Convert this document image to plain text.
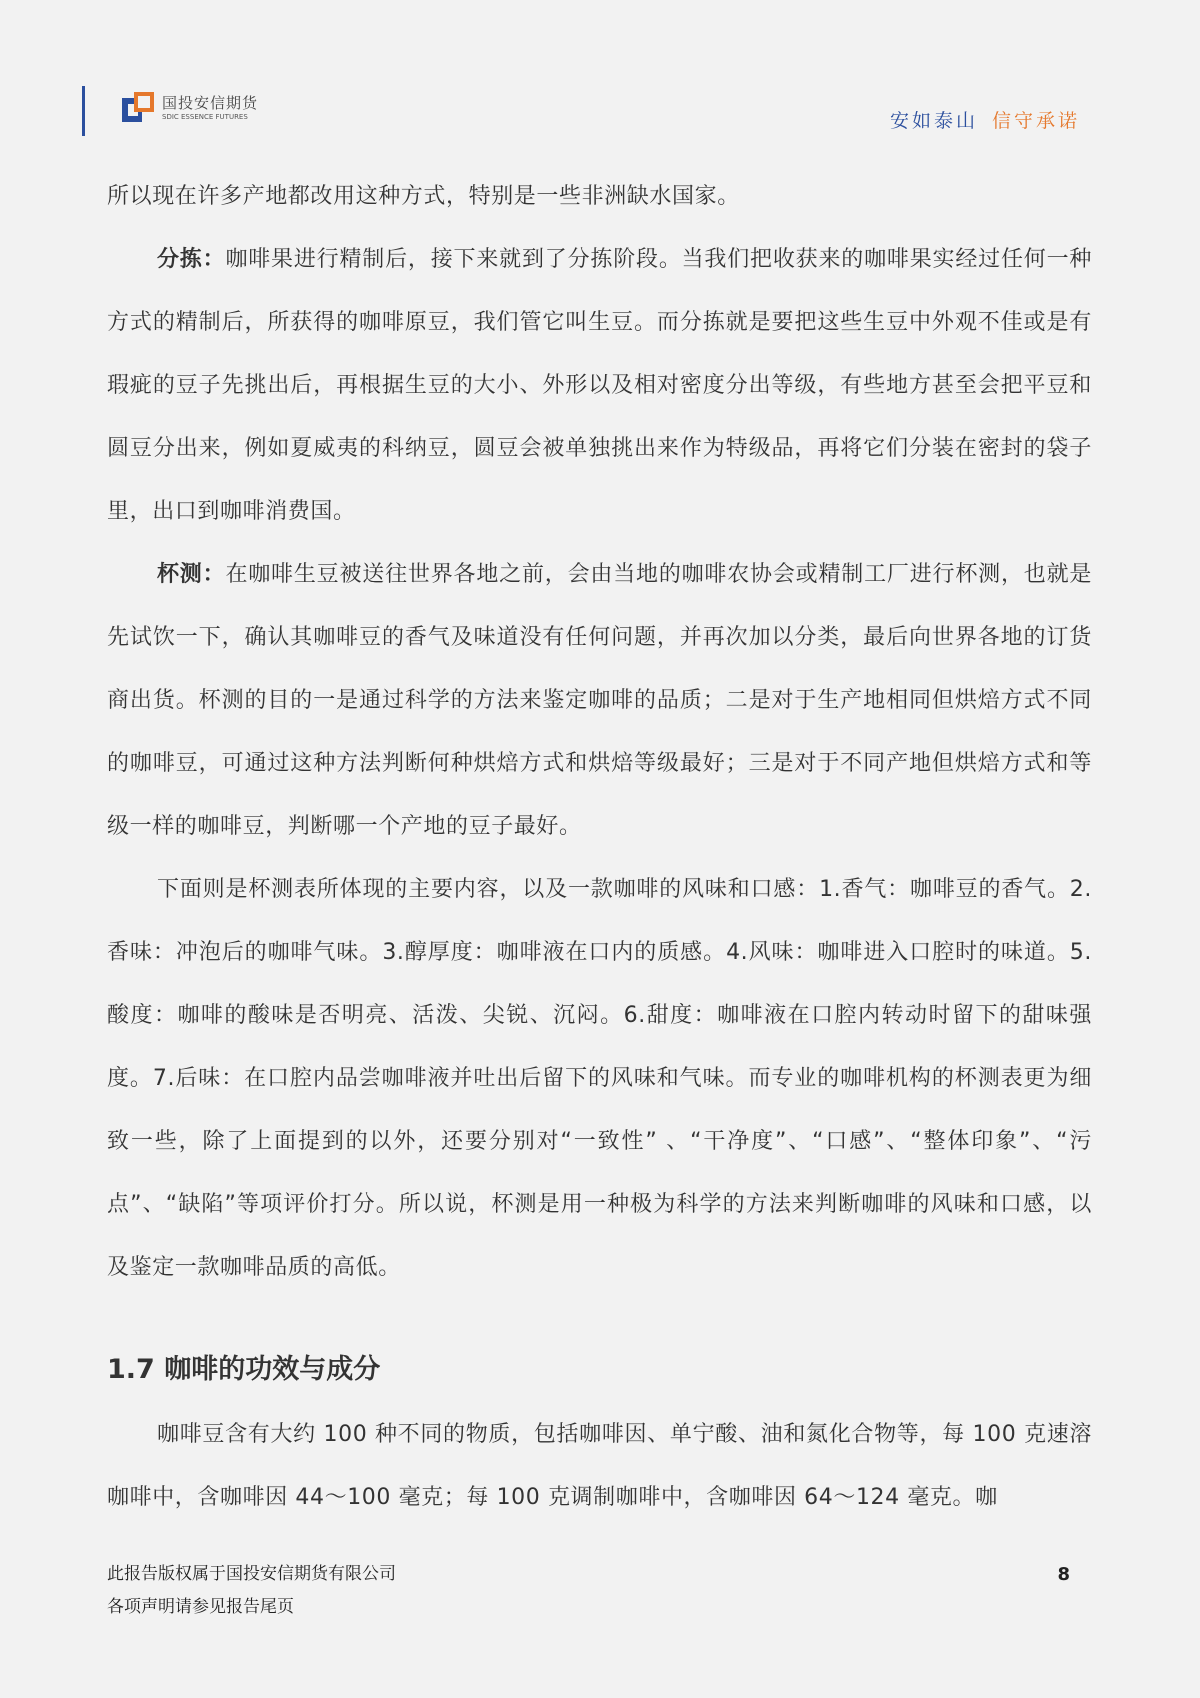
国投安信期货
SDIC ESSENCE FUTURES	安如泰山 信守承诺

所以现在许多产地都改用这种方式，特别是一些非洲缺水国家。

分拣：咖啡果进行精制后，接下来就到了分拣阶段。当我们把收获来的咖啡果实经过任何一种方式的精制后，所获得的咖啡原豆，我们管它叫生豆。而分拣就是要把这些生豆中外观不佳或是有瑕疵的豆子先挑出后，再根据生豆的大小、外形以及相对密度分出等级，有些地方甚至会把平豆和圆豆分出来，例如夏威夷的科纳豆，圆豆会被单独挑出来作为特级品，再将它们分装在密封的袋子里，出口到咖啡消费国。

杯测：在咖啡生豆被送往世界各地之前，会由当地的咖啡农协会或精制工厂进行杯测，也就是先试饮一下，确认其咖啡豆的香气及味道没有任何问题，并再次加以分类，最后向世界各地的订货商出货。杯测的目的一是通过科学的方法来鉴定咖啡的品质；二是对于生产地相同但烘焙方式不同的咖啡豆，可通过这种方法判断何种烘焙方式和烘焙等级最好；三是对于不同产地但烘焙方式和等级一样的咖啡豆，判断哪一个产地的豆子最好。

下面则是杯测表所体现的主要内容，以及一款咖啡的风味和口感：1.香气：咖啡豆的香气。2.香味：冲泡后的咖啡气味。3.醇厚度：咖啡液在口内的质感。4.风味：咖啡进入口腔时的味道。5.酸度：咖啡的酸味是否明亮、活泼、尖锐、沉闷。6.甜度：咖啡液在口腔内转动时留下的甜味强度。7.后味：在口腔内品尝咖啡液并吐出后留下的风味和气味。而专业的咖啡机构的杯测表更为细致一些，除了上面提到的以外，还要分别对“一致性” 、“干净度”、“口感”、“整体印象”、“污点”、“缺陷”等项评价打分。所以说，杯测是用一种极为科学的方法来判断咖啡的风味和口感，以及鉴定一款咖啡品质的高低。

1.7 咖啡的功效与成分

咖啡豆含有大约 100 种不同的物质，包括咖啡因、单宁酸、油和氮化合物等，每 100 克速溶咖啡中，含咖啡因 44～100 毫克；每 100 克调制咖啡中，含咖啡因 64～124 毫克。咖

此报告版权属于国投安信期货有限公司
各项声明请参见报告尾页
8
